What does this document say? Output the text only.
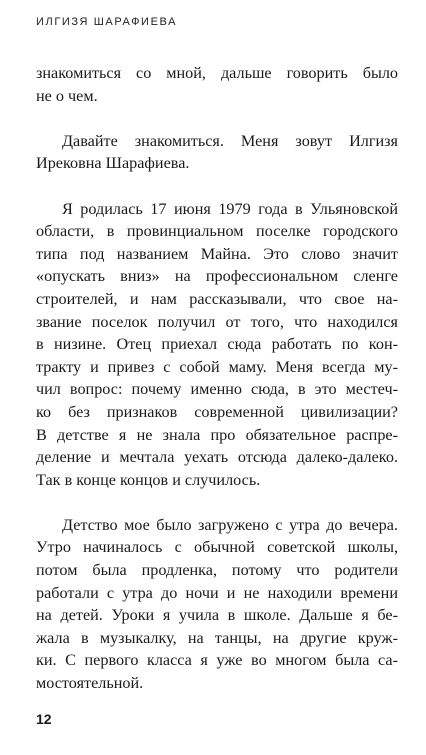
ИЛГИЗЯ ШАРАФИЕВА
знакомиться со мной, дальше говорить было
не о чем.
Давайте знакомиться. Меня зовут Илгизя
Ирековна Шарафиева.
Я родилась 17 июня 1979 года в Ульяновской
области, в провинциальном поселке городского
типа под названием Майна. Это слово значит
«опускать вниз» на профессиональном сленге
строителей, и нам рассказывали, что свое на-
звание поселок получил от того, что находился
в низине. Отец приехал сюда работать по кон-
тракту и привез с собой маму. Меня всегда му-
чил вопрос: почему именно сюда, в это местеч-
ко без признаков современной цивилизации?
В детстве я не знала про обязательное распре-
деление и мечтала уехать отсюда далеко-далеко.
Так в конце концов и случилось.
Детство мое было загружено с утра до вечера.
Утро начиналось с обычной советской школы,
потом была продленка, потому что родители
работали с утра до ночи и не находили времени
на детей. Уроки я учила в школе. Дальше я бе-
жала в музыкалку, на танцы, на другие круж-
ки. С первого класса я уже во многом была са-
мостоятельной.
12
